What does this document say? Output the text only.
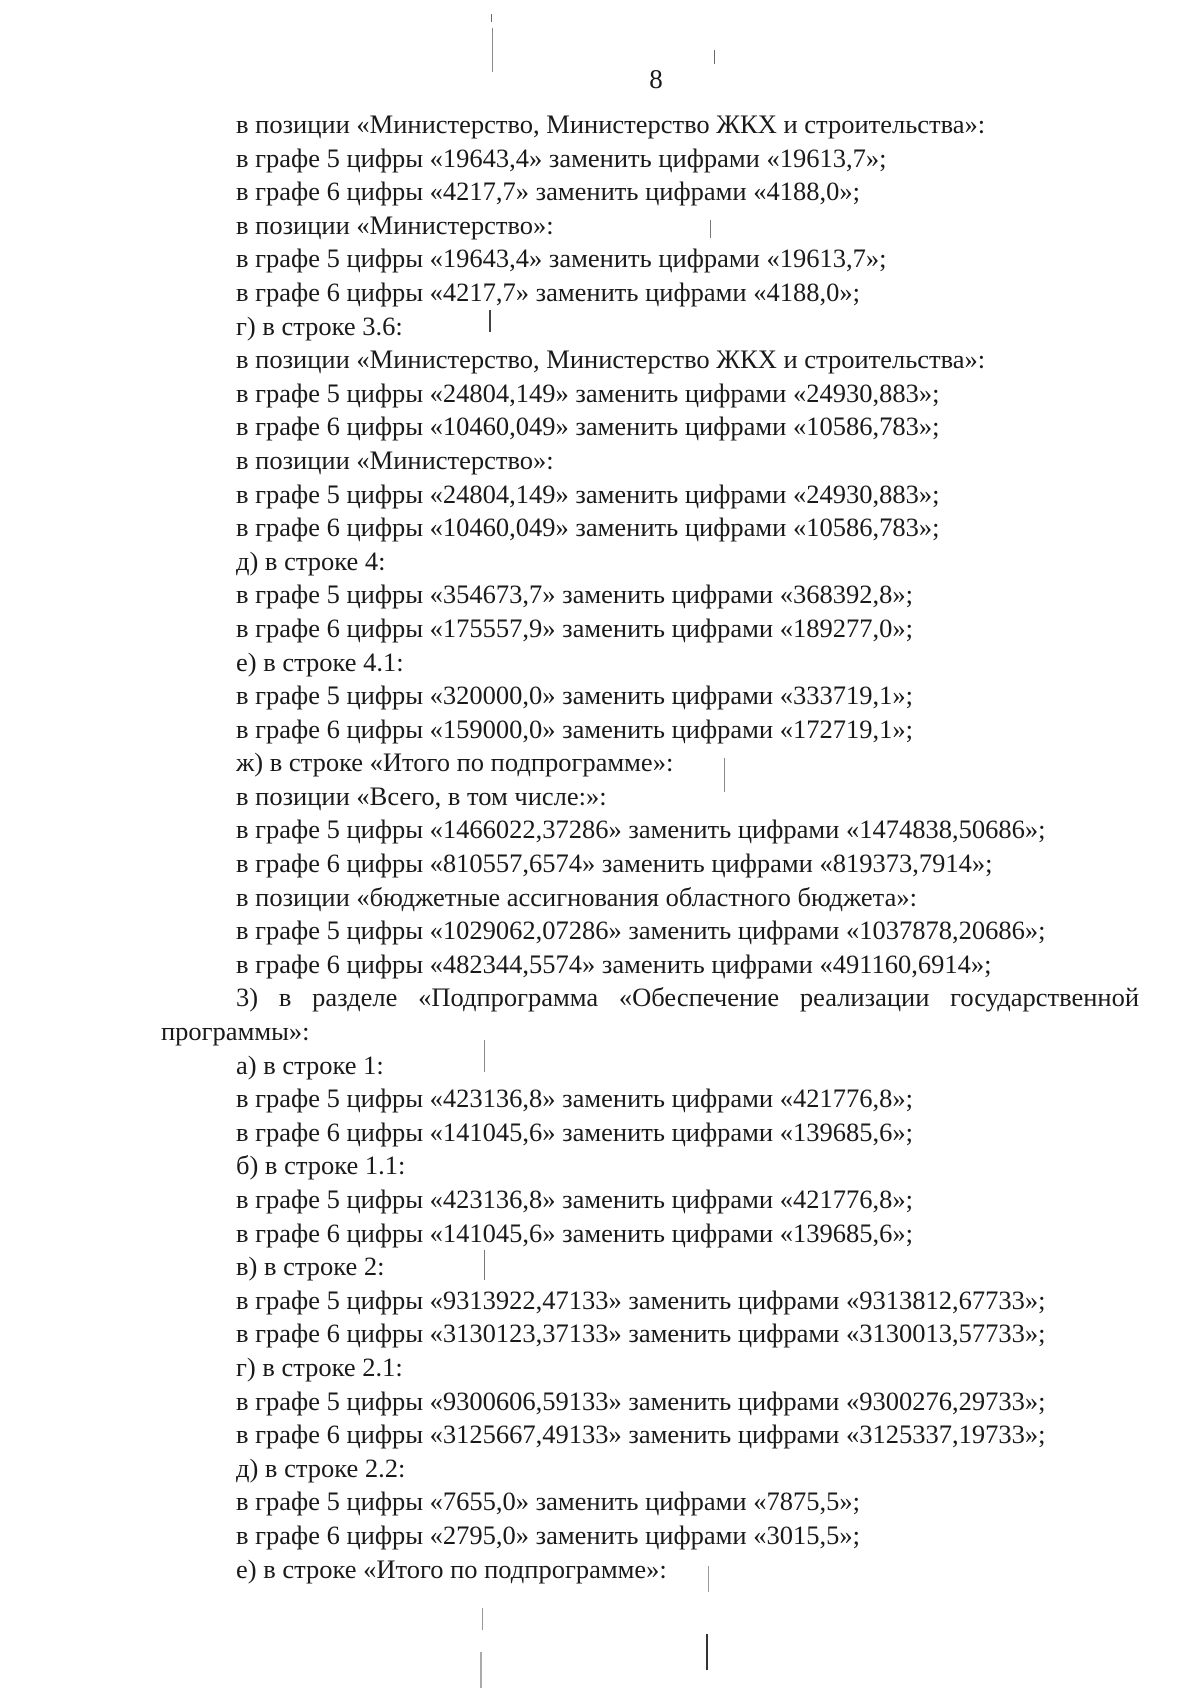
8
в позиции «Министерство, Министерство ЖКХ и строительства»:
в графе 5 цифры «19643,4» заменить цифрами «19613,7»;
в графе 6 цифры «4217,7» заменить цифрами «4188,0»;
в позиции «Министерство»:
в графе 5 цифры «19643,4» заменить цифрами «19613,7»;
в графе 6 цифры «4217,7» заменить цифрами «4188,0»;
г) в строке 3.6:
в позиции «Министерство, Министерство ЖКХ и строительства»:
в графе 5 цифры «24804,149» заменить цифрами «24930,883»;
в графе 6 цифры «10460,049» заменить цифрами «10586,783»;
в позиции «Министерство»:
в графе 5 цифры «24804,149» заменить цифрами «24930,883»;
в графе 6 цифры «10460,049» заменить цифрами «10586,783»;
д) в строке 4:
в графе 5 цифры «354673,7» заменить цифрами «368392,8»;
в графе 6 цифры «175557,9» заменить цифрами «189277,0»;
е) в строке 4.1:
в графе 5 цифры «320000,0» заменить цифрами «333719,1»;
в графе 6 цифры «159000,0» заменить цифрами «172719,1»;
ж) в строке «Итого по подпрограмме»:
в позиции «Всего, в том числе:»:
в графе 5 цифры «1466022,37286» заменить цифрами «1474838,50686»;
в графе 6 цифры «810557,6574» заменить цифрами «819373,7914»;
в позиции «бюджетные ассигнования областного бюджета»:
в графе 5 цифры «1029062,07286» заменить цифрами «1037878,20686»;
в графе 6 цифры «482344,5574» заменить цифрами «491160,6914»;
3) в разделе «Подпрограмма «Обеспечение реализации государственной
программы»:
а) в строке 1:
в графе 5 цифры «423136,8» заменить цифрами «421776,8»;
в графе 6 цифры «141045,6» заменить цифрами «139685,6»;
б) в строке 1.1:
в графе 5 цифры «423136,8» заменить цифрами «421776,8»;
в графе 6 цифры «141045,6» заменить цифрами «139685,6»;
в) в строке 2:
в графе 5 цифры «9313922,47133» заменить цифрами «9313812,67733»;
в графе 6 цифры «3130123,37133» заменить цифрами «3130013,57733»;
г) в строке 2.1:
в графе 5 цифры «9300606,59133» заменить цифрами «9300276,29733»;
в графе 6 цифры «3125667,49133» заменить цифрами «3125337,19733»;
д) в строке 2.2:
в графе 5 цифры «7655,0» заменить цифрами «7875,5»;
в графе 6 цифры «2795,0» заменить цифрами «3015,5»;
е) в строке «Итого по подпрограмме»:
